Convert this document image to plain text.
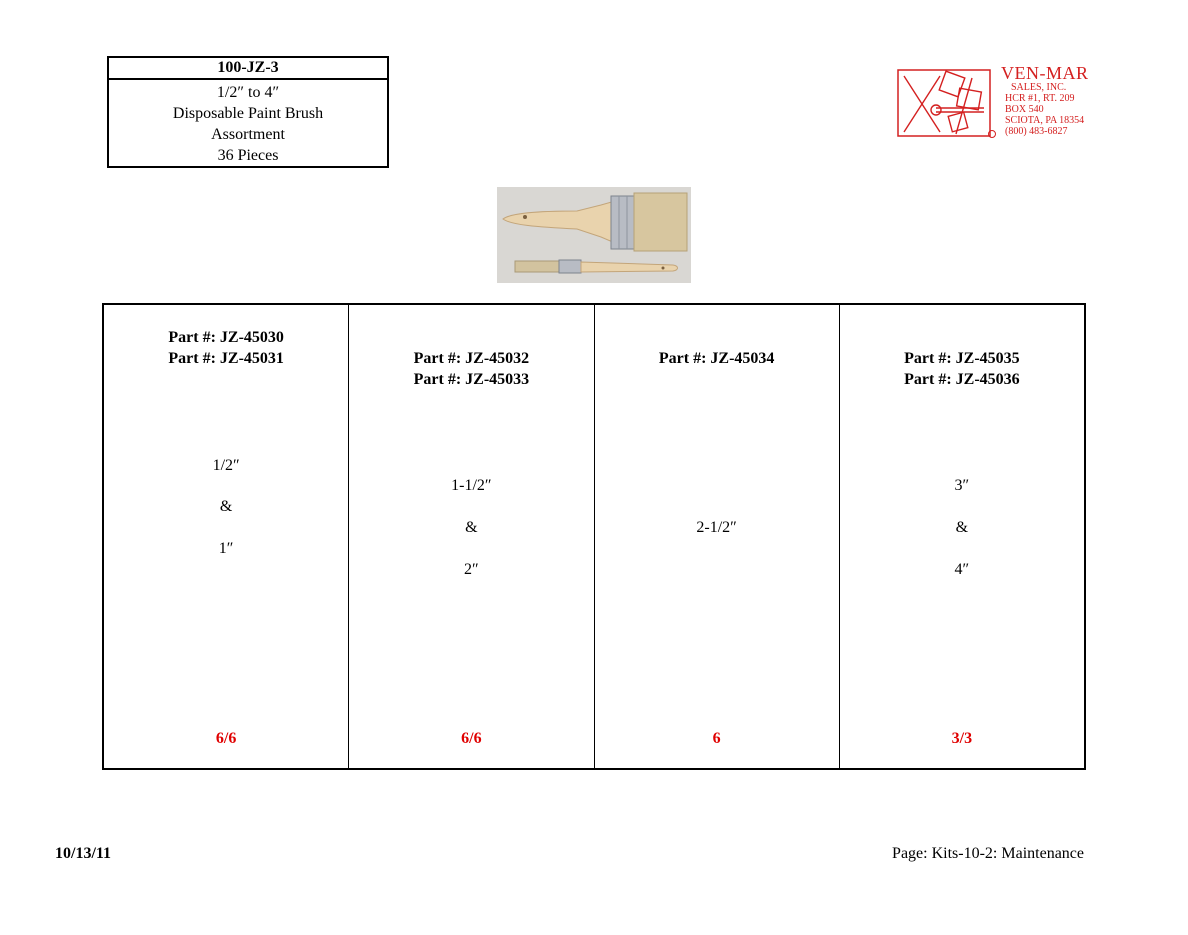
100-JZ-3
1/2″ to 4″
Disposable Paint Brush
Assortment
36 Pieces
VEN-MAR
SALES, INC.
HCR #1, RT. 209
BOX 540
SCIOTA, PA 18354
(800) 483-6827
Part #: JZ-45030
Part #: JZ-45031
1/2″
&
1″
6/6
Part #: JZ-45032
Part #: JZ-45033
1-1/2″
&
2″
6/6
Part #: JZ-45034
2-1/2″
6
Part #: JZ-45035
Part #: JZ-45036
3″
&
4″
3/3
10/13/11	Page: Kits-10-2: Maintenance
